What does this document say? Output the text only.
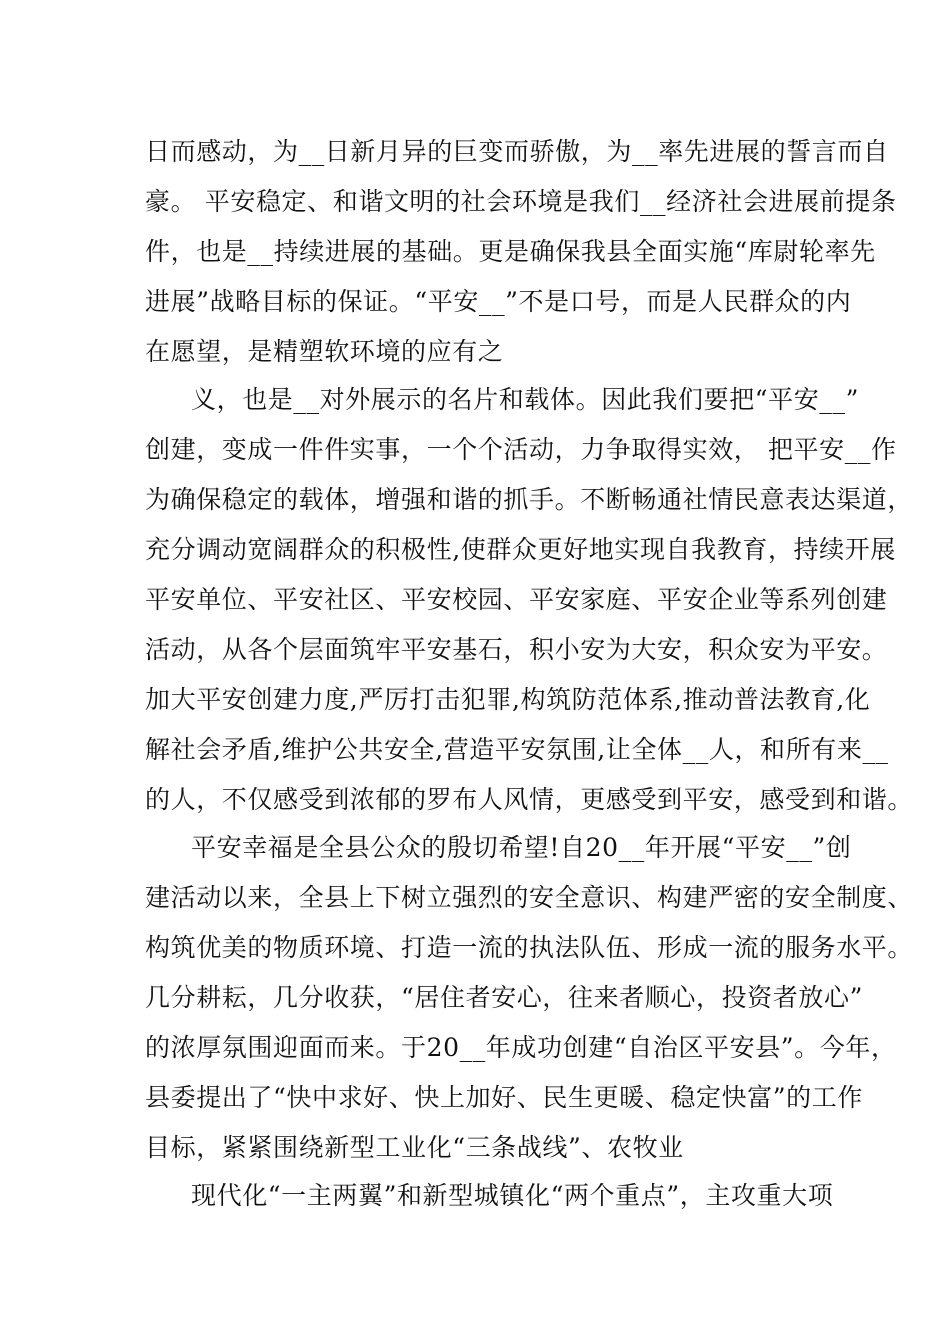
日而感动，为__日新月异的巨变而骄傲，为__率先进展的誓言而自
豪。 平安稳定、和谐文明的社会环境是我们__经济社会进展前提条
件，也是__持续进展的基础。更是确保我县全面实施“库尉轮率先
进展”战略目标的保证。“平安__”不是口号，而是人民群众的内
在愿望，是精塑软环境的应有之
义，也是__对外展示的名片和载体。因此我们要把“平安__”
创建，变成一件件实事，一个个活动，力争取得实效， 把平安__作
为确保稳定的载体，增强和谐的抓手。不断畅通社情民意表达渠道，
充分调动宽阔群众的积极性,使群众更好地实现自我教育，持续开展
平安单位、平安社区、平安校园、平安家庭、平安企业等系列创建
活动，从各个层面筑牢平安基石，积小安为大安，积众安为平安。
加大平安创建力度,严厉打击犯罪,构筑防范体系,推动普法教育,化
解社会矛盾,维护公共安全,营造平安氛围,让全体__人，和所有来__
的人，不仅感受到浓郁的罗布人风情，更感受到平安，感受到和谐。
平安幸福是全县公众的殷切希望!自20__年开展“平安__”创
建活动以来，全县上下树立强烈的安全意识、构建严密的安全制度、
构筑优美的物质环境、打造一流的执法队伍、形成一流的服务水平。
几分耕耘，几分收获，“居住者安心，往来者顺心，投资者放心”
的浓厚氛围迎面而来。于20__年成功创建“自治区平安县”。今年，
县委提出了“快中求好、快上加好、民生更暖、稳定快富”的工作
目标，紧紧围绕新型工业化“三条战线”、农牧业
现代化“一主两翼”和新型城镇化“两个重点”，主攻重大项
